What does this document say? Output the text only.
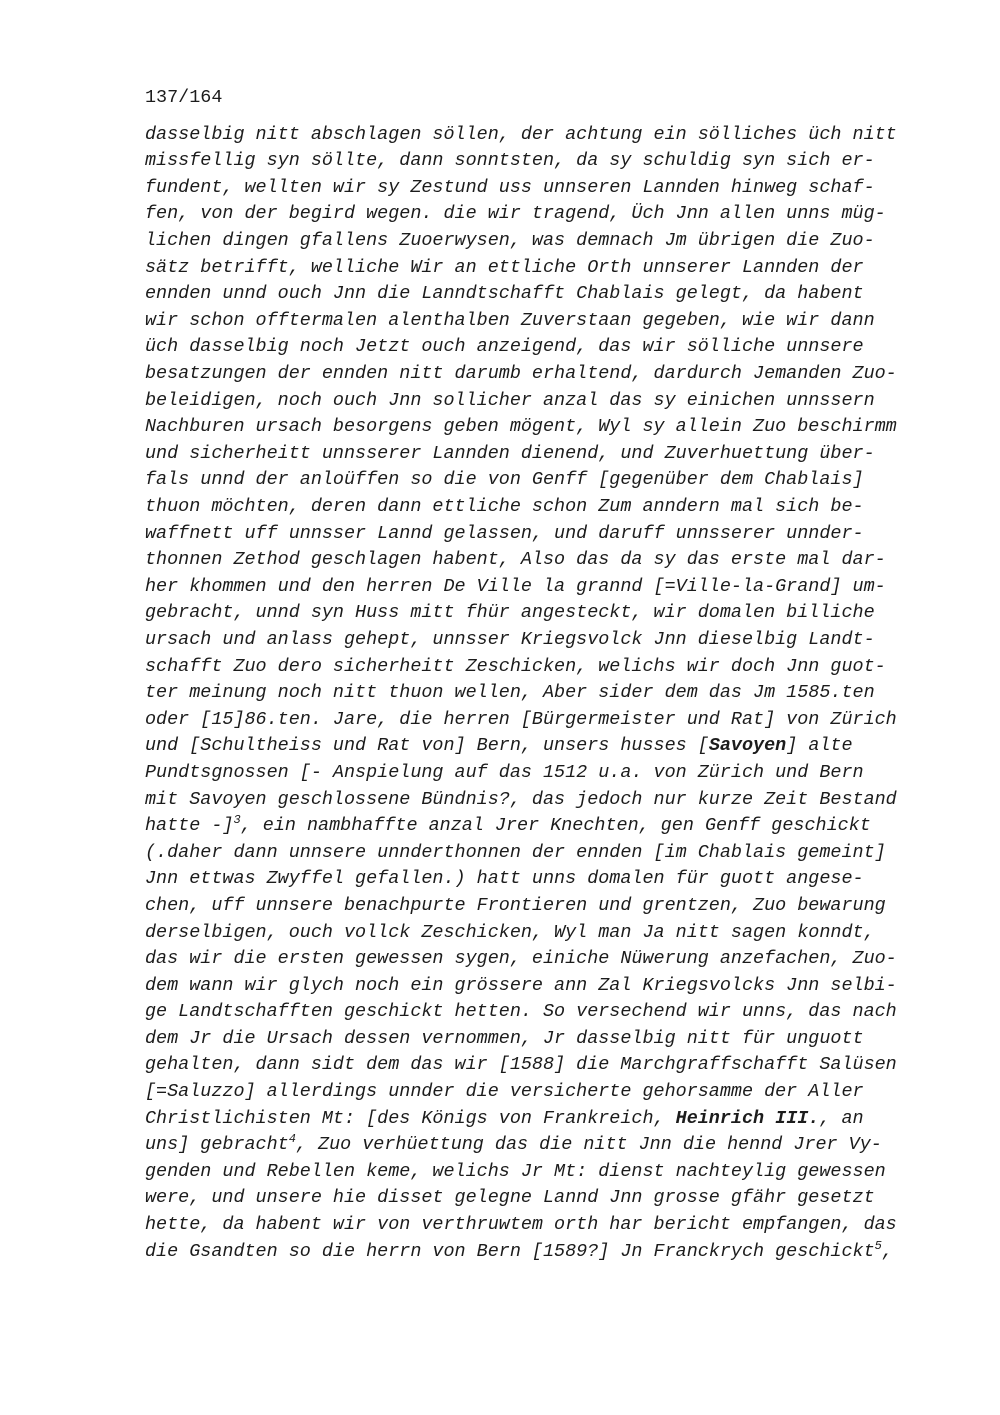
137/164
dasselbig nitt abschlagen söllen, der achtung ein sölliches üch nitt
missfellig syn söllte, dann sonntsten, da sy schuldig syn sich er-
fundent, wellten wir sy Zestund uss unnseren Lannden hinweg schaf-
fen, von der begird wegen. die wir tragend, Üch Jnn allen unns müg-
lichen dingen gfallens Zuoerwysen, was demnach Jm übrigen die Zuo-
sätz betrifft, welliche Wir an ettliche Orth unnserer Lannden der
ennden unnd ouch Jnn die Lanndtschafft Chablais gelegt, da habent
wir schon offtermalen alenthalben Zuverstaan gegeben, wie wir dann
üch dasselbig noch Jetzt ouch anzeigend, das wir sölliche unnsere
besatzungen der ennden nitt darumb erhaltend, dardurch Jemanden Zuo-
beleidigen, noch ouch Jnn sollicher anzal das sy einichen unnssern
Nachburen ursach besorgens geben mögent, Wyl sy allein Zuo beschirmm
und sicherheitt unnsserer Lannden dienend, und Zuverhuettung über-
fals unnd der anloüffen so die von Genff [gegenüber dem Chablais]
thuon möchten, deren dann ettliche schon Zum anndern mal sich be-
waffnett uff unnsser Lannd gelassen, und daruff unnsserer unnder-
thonnen Zethod geschlagen habent, Also das da sy das erste mal dar-
her khommen und den herren De Ville la grannd [=Ville-la-Grand] um-
gebracht, unnd syn Huss mitt fhür angesteckt, wir domalen billiche
ursach und anlass gehept, unnsser Kriegsvolck Jnn dieselbig Landt-
schafft Zuo dero sicherheitt Zeschicken, welichs wir doch Jnn guot-
ter meinung noch nitt thuon wellen, Aber sider dem das Jm 1585.ten
oder [15]86.ten. Jare, die herren [Bürgermeister und Rat] von Zürich
und [Schultheiss und Rat von] Bern, unsers husses [Savoyen] alte
Pundtsgnossen [- Anspielung auf das 1512 u.a. von Zürich und Bern
mit Savoyen geschlossene Bündnis?, das jedoch nur kurze Zeit Bestand
hatte -]$^3$, ein nambhaffte anzal Jrer Knechten, gen Genff geschickt
(.daher dann unnsere unnderthonnen der ennden [im Chablais gemeint]
Jnn ettwas Zwyffel gefallen.) hatt unns domalen für guott angese-
chen, uff unnsere benachpurte Frontieren und grentzen, Zuo bewarung
derselbigen, ouch vollck Zeschicken, Wyl man Ja nitt sagen konndt,
das wir die ersten gewessen sygen, einiche Nüwerung anzefachen, Zuo-
dem wann wir glych noch ein grössere ann Zal Kriegsvolcks Jnn selbi-
ge Landtschafften geschickt hetten. So versechend wir unns, das nach
dem Jr die Ursach dessen vernommen, Jr dasselbig nitt für unguott
gehalten, dann sidt dem das wir [1588] die Marchgraffschafft Salüsen
[=Saluzzo] allerdings unnder die versicherte gehorsamme der Aller
Christlichisten Mt: [des Königs von Frankreich, Heinrich III., an
uns] gebracht$^4$, Zuo verhüettung das die nitt Jnn die hennd Jrer Vy-
genden und Rebellen keme, welichs Jr Mt: dienst nachteylig gewessen
were, und unsere hie disset gelegne Lannd Jnn grosse gfähr gesetzt
hette, da habent wir von verthruwtem orth har bericht empfangen, das
die Gsandten so die herrn von Bern [1589?] Jn Franckrych geschickt$^5$,
